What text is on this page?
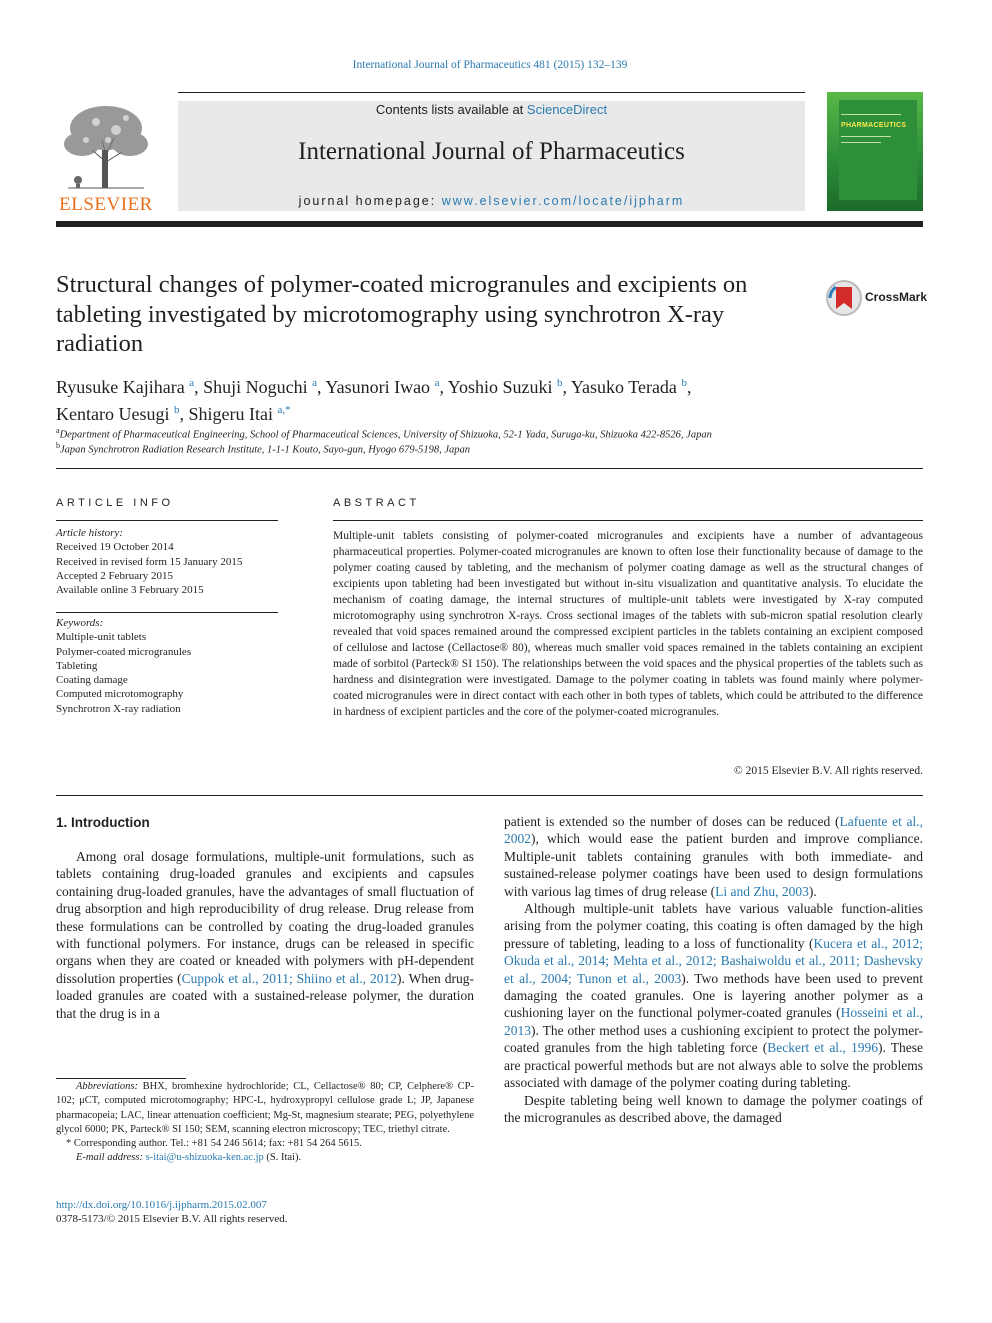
International Journal of Pharmaceutics 481 (2015) 132–139
ELSEVIER
Contents lists available at ScienceDirect
International Journal of Pharmaceutics
journal homepage: www.elsevier.com/locate/ijpharm
PHARMACEUTICS
Structural changes of polymer-coated microgranules and excipients on tableting investigated by microtomography using synchrotron X-ray radiation
CrossMark
Ryusuke Kajihara $^a$, Shuji Noguchi $^a$, Yasunori Iwao $^a$, Yoshio Suzuki $^b$, Yasuko Terada $^b$,
Kentaro Uesugi $^b$, Shigeru Itai $^{a,*}$
$^a$Department of Pharmaceutical Engineering, School of Pharmaceutical Sciences, University of Shizuoka, 52-1 Yada, Suruga-ku, Shizuoka 422-8526, Japan
$^b$Japan Synchrotron Radiation Research Institute, 1-1-1 Kouto, Sayo-gun, Hyogo 679-5198, Japan
ARTICLE INFO
Article history:
Received 19 October 2014
Received in revised form 15 January 2015
Accepted 2 February 2015
Available online 3 February 2015
Keywords:
Multiple-unit tablets
Polymer-coated microgranules
Tableting
Coating damage
Computed microtomography
Synchrotron X-ray radiation
ABSTRACT
Multiple-unit tablets consisting of polymer-coated microgranules and excipients have a number of advantageous pharmaceutical properties. Polymer-coated microgranules are known to often lose their functionality because of damage to the polymer coating caused by tableting, and the mechanism of polymer coating damage as well as the structural changes of excipients upon tableting had been investigated but without in-situ visualization and quantitative analysis. To elucidate the mechanism of coating damage, the internal structures of multiple-unit tablets were investigated by X-ray computed microtomography using synchrotron X-rays. Cross sectional images of the tablets with sub-micron spatial resolution clearly revealed that void spaces remained around the compressed excipient particles in the tablets containing an excipient composed of cellulose and lactose (Cellactose® 80), whereas much smaller void spaces remained in the tablets containing an excipient made of sorbitol (Parteck® SI 150). The relationships between the void spaces and the physical properties of the tablets such as hardness and disintegration were investigated. Damage to the polymer coating in tablets was found mainly where polymer-coated microgranules were in direct contact with each other in both types of tablets, which could be attributed to the difference in hardness of excipient particles and the core of the polymer-coated microgranules.
© 2015 Elsevier B.V. All rights reserved.
1. Introduction

Among oral dosage formulations, multiple-unit formulations, such as tablets containing drug-loaded granules and excipients and capsules containing drug-loaded granules, have the advantages of small fluctuation of drug absorption and high reproducibility of drug release. Drug release from these formulations can be controlled by coating the drug-loaded granules with functional polymers. For instance, drugs can be released in specific organs when they are coated or kneaded with polymers with pH-dependent dissolution properties (Cuppok et al., 2011; Shiino et al., 2012). When drug-loaded granules are coated with a sustained-release polymer, the duration that the drug is in a

patient is extended so the number of doses can be reduced (Lafuente et al., 2002), which would ease the patient burden and improve compliance. Multiple-unit tablets containing granules with both immediate- and sustained-release polymer coatings have been used to design formulations with various lag times of drug release (Li and Zhu, 2003).

Although multiple-unit tablets have various valuable function-alities arising from the polymer coating, this coating is often damaged by the high pressure of tableting, leading to a loss of functionality (Kucera et al., 2012; Okuda et al., 2014; Mehta et al., 2012; Bashaiwoldu et al., 2011; Dashevsky et al., 2004; Tunon et al., 2003). Two methods have been used to prevent damaging the coated granules. One is layering another polymer as a cushioning layer on the functional polymer-coated granules (Hosseini et al., 2013). The other method uses a cushioning excipient to protect the polymer-coated granules from the high tableting force (Beckert et al., 1996). These are practical powerful methods but are not always able to solve the problems associated with damage of the polymer coating during tableting.

Despite tableting being well known to damage the polymer coatings of the microgranules as described above, the damaged

Abbreviations: BHX, bromhexine hydrochloride; CL, Cellactose® 80; CP, Celphere® CP-102; μCT, computed microtomography; HPC-L, hydroxypropyl cellulose grade L; JP, Japanese pharmacopeia; LAC, linear attenuation coefficient; Mg-St, magnesium stearate; PEG, polyethylene glycol 6000; PK, Parteck® SI 150; SEM, scanning electron microscopy; TEC, triethyl citrate.

* Corresponding author. Tel.: +81 54 246 5614; fax: +81 54 264 5615.

E-mail address: s-itai@u-shizuoka-ken.ac.jp (S. Itai).

http://dx.doi.org/10.1016/j.ijpharm.2015.02.007
0378-5173/© 2015 Elsevier B.V. All rights reserved.
